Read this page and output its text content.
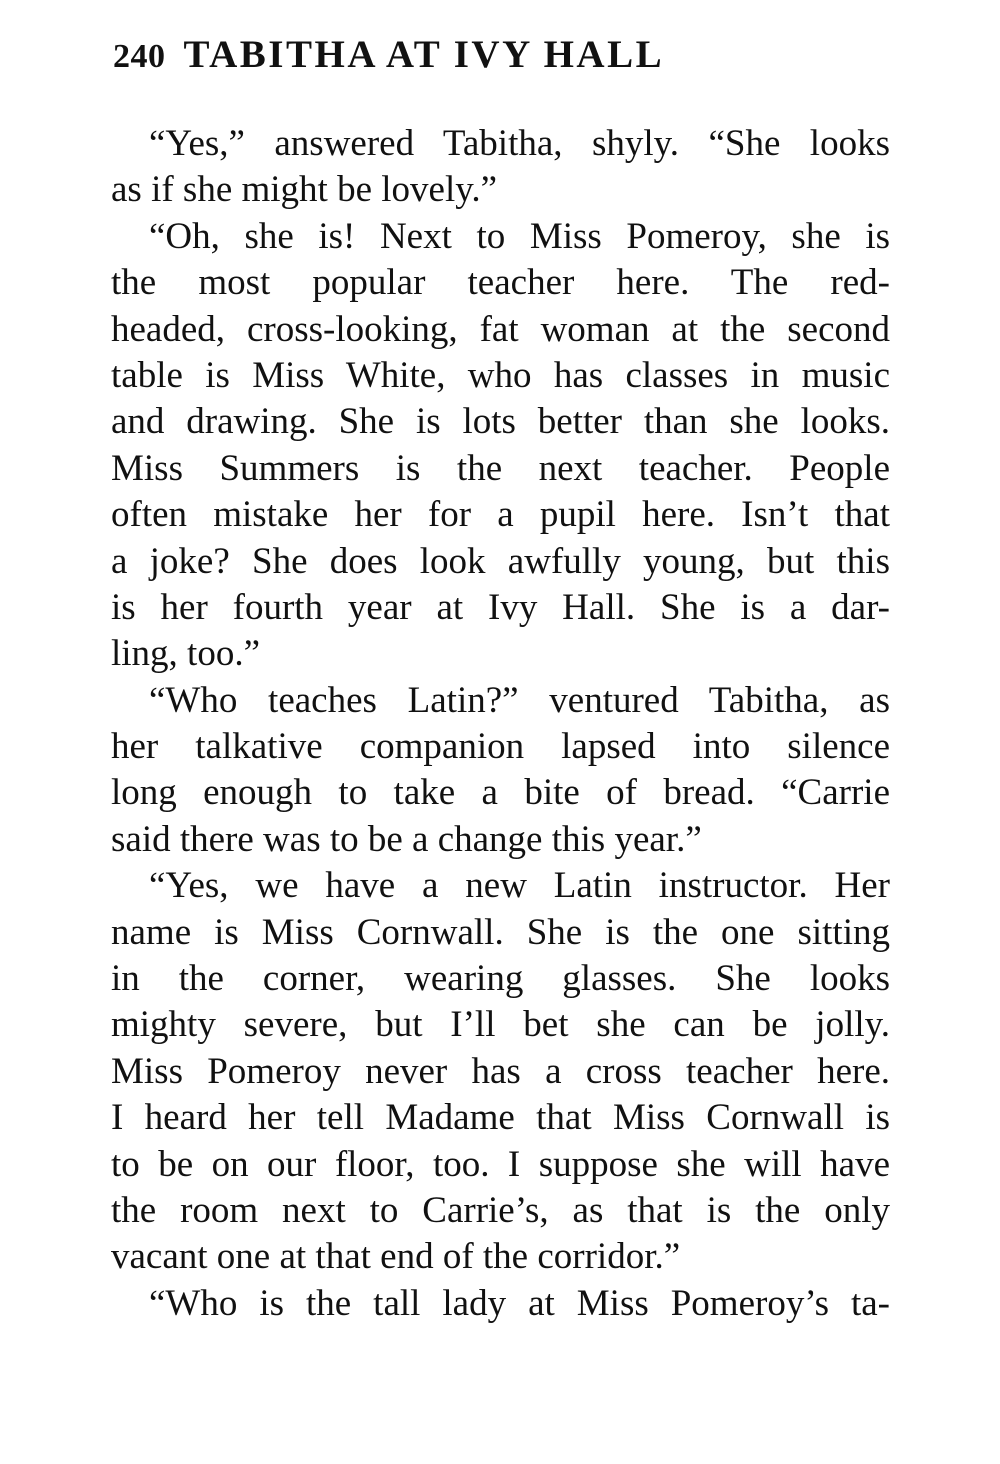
240 TABITHA AT IVY HALL
“Yes,” answered Tabitha, shyly. “She looks
as if she might be lovely.”
“Oh, she is! Next to Miss Pomeroy, she is
the most popular teacher here. The red-
headed, cross-looking, fat woman at the second
table is Miss White, who has classes in music
and drawing. She is lots better than she looks.
Miss Summers is the next teacher. People
often mistake her for a pupil here. Isn’t that
a joke? She does look awfully young, but this
is her fourth year at Ivy Hall. She is a dar-
ling, too.”
“Who teaches Latin?” ventured Tabitha, as
her talkative companion lapsed into silence
long enough to take a bite of bread. “Carrie
said there was to be a change this year.”
“Yes, we have a new Latin instructor. Her
name is Miss Cornwall. She is the one sitting
in the corner, wearing glasses. She looks
mighty severe, but I’ll bet she can be jolly.
Miss Pomeroy never has a cross teacher here.
I heard her tell Madame that Miss Cornwall is
to be on our floor, too. I suppose she will have
the room next to Carrie’s, as that is the only
vacant one at that end of the corridor.”
“Who is the tall lady at Miss Pomeroy’s ta-
